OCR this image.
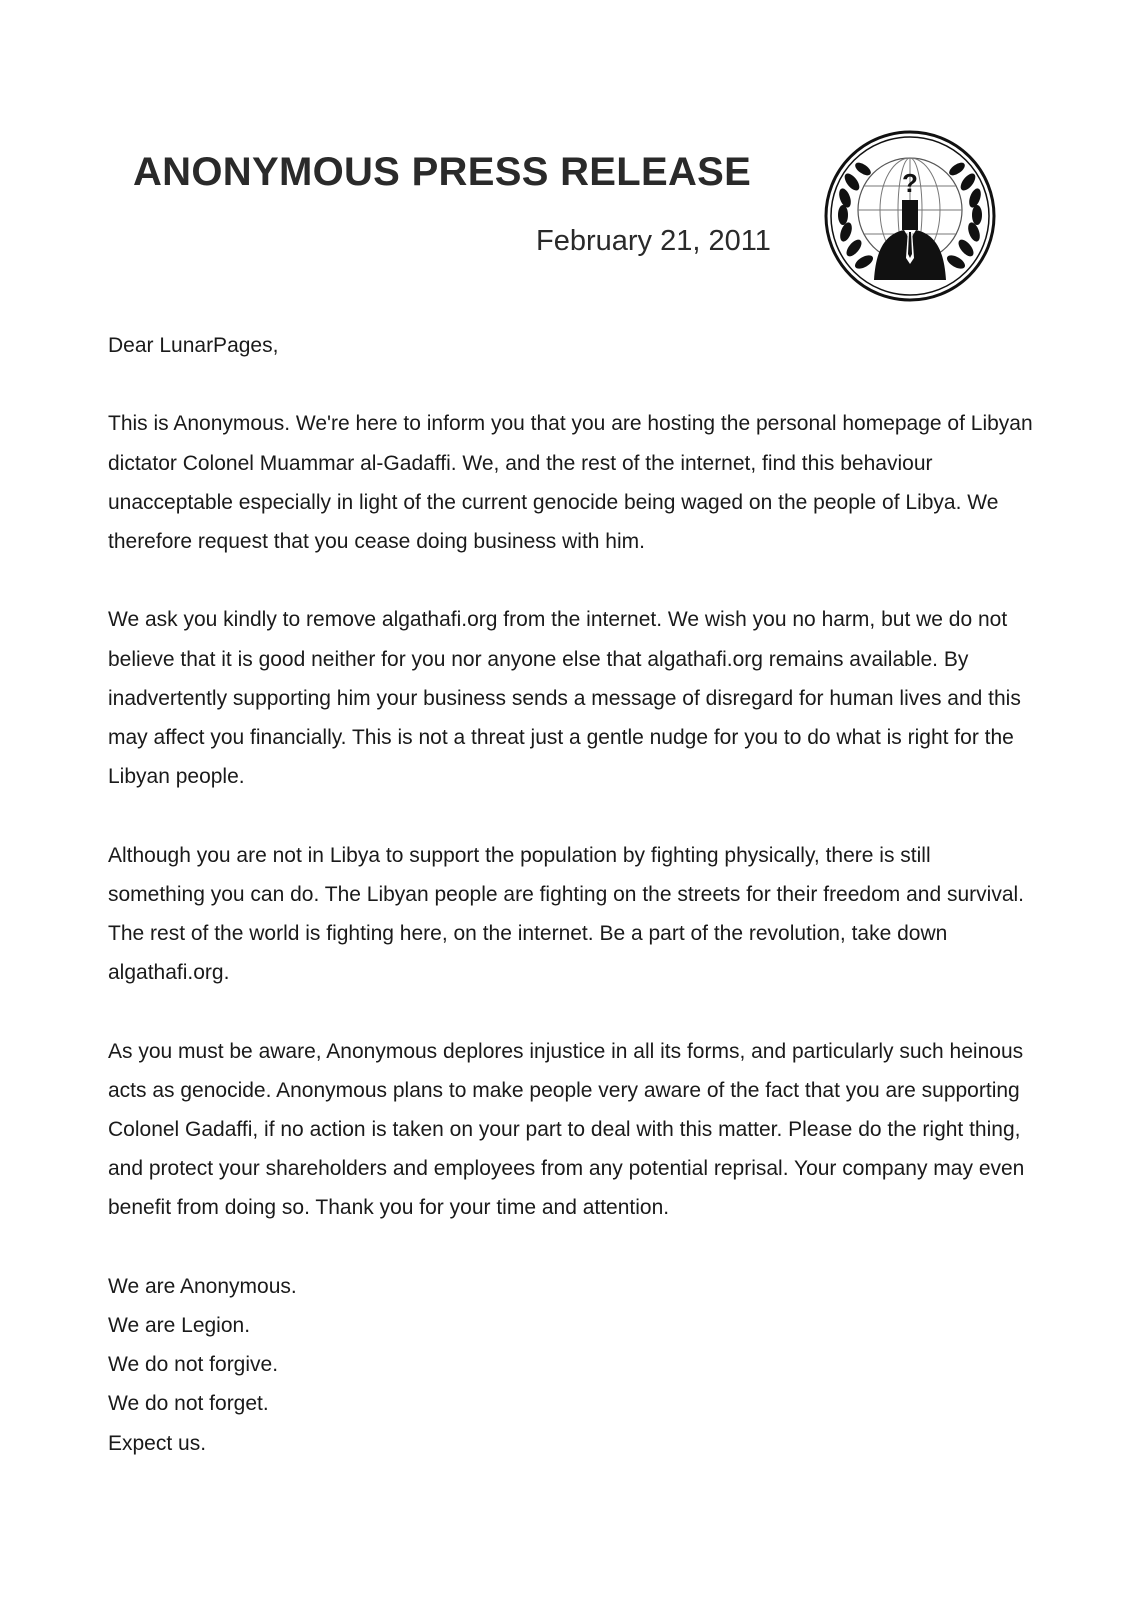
ANONYMOUS PRESS RELEASE
February 21, 2011
?

Dear LunarPages,

This is Anonymous. We're here to inform you that you are hosting the personal homepage of Libyan dictator Colonel Muammar al-Gadaffi. We, and the rest of the internet, find this behaviour unacceptable especially in light of the current genocide being waged on the people of Libya. We therefore request that you cease doing business with him.

We ask you kindly to remove algathafi.org from the internet. We wish you no harm, but we do not believe that it is good neither for you nor anyone else that algathafi.org remains available. By inadvertently supporting him your business sends a message of disregard for human lives and this may affect you financially. This is not a threat just a gentle nudge for you to do what is right for the Libyan people.

Although you are not in Libya to support the population by fighting physically, there is still something you can do. The Libyan people are fighting on the streets for their freedom and survival. The rest of the world is fighting here, on the internet. Be a part of the revolution, take down algathafi.org.

As you must be aware, Anonymous deplores injustice in all its forms, and particularly such heinous acts as genocide. Anonymous plans to make people very aware of the fact that you are supporting Colonel Gadaffi, if no action is taken on your part to deal with this matter. Please do the right thing, and protect your shareholders and employees from any potential reprisal. Your company may even benefit from doing so. Thank you for your time and attention.

We are Anonymous.
We are Legion.
We do not forgive.
We do not forget.
Expect us.
